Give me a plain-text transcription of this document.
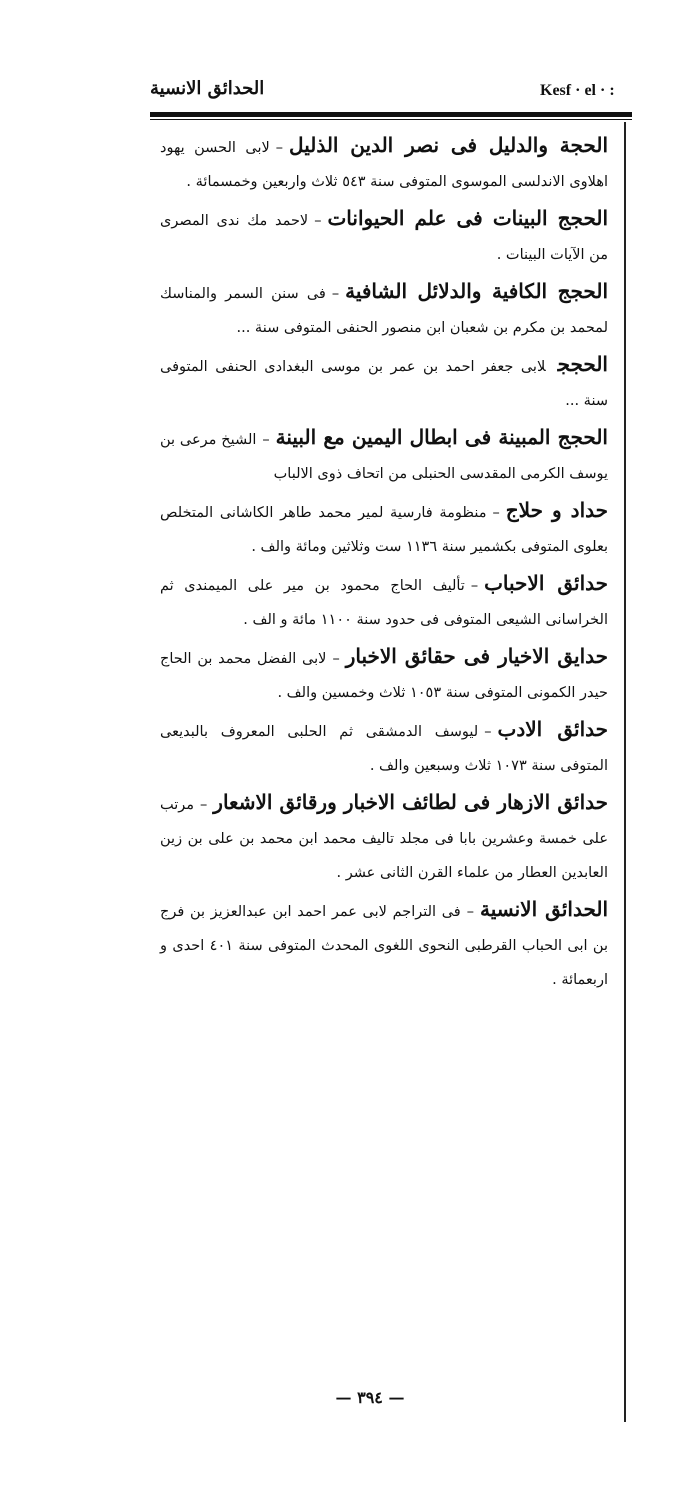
Kesf · el · :
الحدائق الانسية

الحجة والدليل فى نصر الدين الذليل–لابى الحسن يهود اهلاوى الاندلسى الموسوى المتوفى سنة ٥٤٣ ثلاث واربعين وخمسمائة .

الحجج البينات فى علم الحيوانات–لاحمد مك ندى المصرى من الآيات البينات .

الحجج الكافية والدلائل الشافية–فى سنن السمر والمناسك لمحمد بن مكرم بن شعبان ابن منصور الحنفى المتوفى سنة ...

الحججلابى جعفر احمد بن عمر بن موسى البغدادى الحنفى المتوفى سنة ...

الحجج المبينة فى ابطال اليمين مع البينة–الشيخ مرعى بن يوسف الكرمى المقدسى الحنبلى من اتحاف ذوى الالباب

حداد و حلاج–منظومة فارسية لمير محمد طاهر الكاشانى المتخلص بعلوى المتوفى بكشمير سنة ١١٣٦ ست وثلاثين ومائة والف .

حدائق الاحباب–تأليف الحاج محمود بن مير على الميمندى ثم الخراسانى الشيعى المتوفى فى حدود سنة ١١٠٠ مائة و الف .

حدايق الاخيار فى حقائق الاخبار–لابى الفضل محمد بن الحاج حيدر الكمونى المتوفى سنة ١٠٥٣ ثلاث وخمسين والف .

حدائق الادب–ليوسف الدمشقى ثم الحلبى المعروف بالبديعى المتوفى سنة ١٠٧٣ ثلاث وسبعين والف .

حدائق الازهار فى لطائف الاخبار ورقائق الاشعار–مرتب على خمسة وعشرين بابا فى مجلد تاليف محمد ابن محمد بن على بن زين العابدين العطار من علماء القرن الثانى عشر .

الحدائق الانسية–فى التراجم لابى عمر احمد ابن عبدالعزيز بن فرج بن ابى الحباب القرطبى النحوى اللغوى المحدث المتوفى سنة ٤٠١ احدى و اربعمائة .

— ٣٩٤ —
